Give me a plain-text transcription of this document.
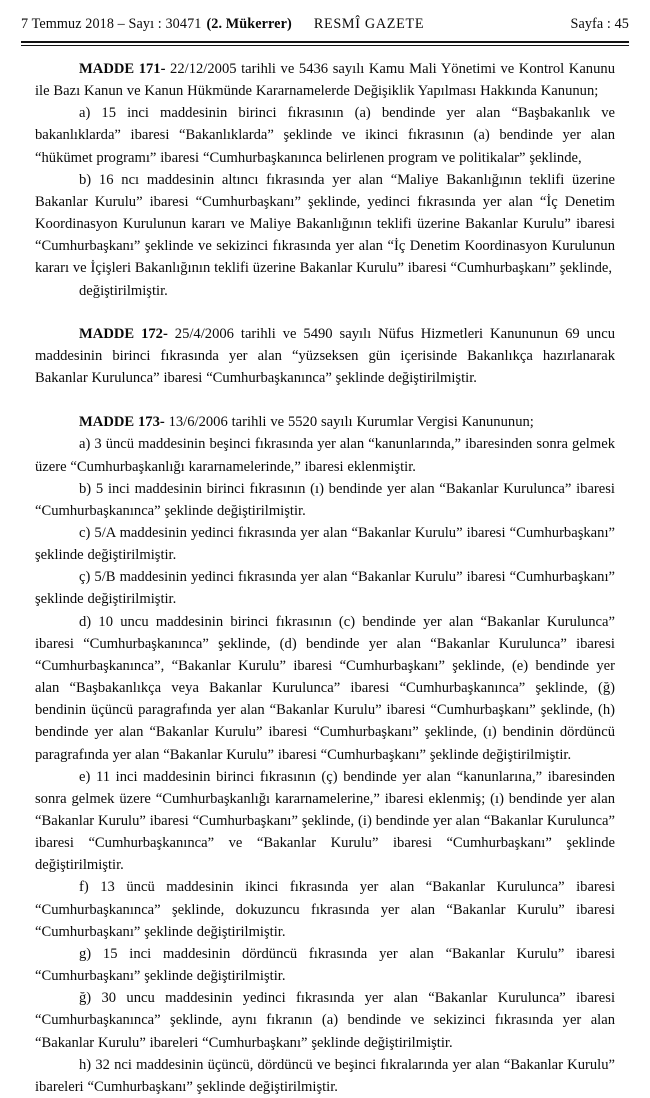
7 Temmuz 2018 – Sayı : 30471 (2. Mükerrer) RESMÎ GAZETE	Sayfa : 45

MADDE 171- 22/12/2005 tarihli ve 5436 sayılı Kamu Mali Yönetimi ve Kontrol Kanunu ile Bazı Kanun ve Kanun Hükmünde Kararnamelerde Değişiklik Yapılması Hakkında Kanunun;

a) 15 inci maddesinin birinci fıkrasının (a) bendinde yer alan “Başbakanlık ve bakanlıklarda” ibaresi “Bakanlıklarda” şeklinde ve ikinci fıkrasının (a) bendinde yer alan “hükümet programı” ibaresi “Cumhurbaşkanınca belirlenen program ve politikalar” şeklinde,

b) 16 ncı maddesinin altıncı fıkrasında yer alan “Maliye Bakanlığının teklifi üzerine Bakanlar Kurulu” ibaresi “Cumhurbaşkanı” şeklinde, yedinci fıkrasında yer alan “İç Denetim Koordinasyon Kurulunun kararı ve Maliye Bakanlığının teklifi üzerine Bakanlar Kurulu” ibaresi “Cumhurbaşkanı” şeklinde ve sekizinci fıkrasında yer alan “İç Denetim Koordinasyon Kurulunun kararı ve İçişleri Bakanlığının teklifi üzerine Bakanlar Kurulu” ibaresi “Cumhurbaşkanı” şeklinde,

değiştirilmiştir.

MADDE 172- 25/4/2006 tarihli ve 5490 sayılı Nüfus Hizmetleri Kanununun 69 uncu maddesinin birinci fıkrasında yer alan “yüzseksen gün içerisinde Bakanlıkça hazırlanarak Bakanlar Kurulunca” ibaresi “Cumhurbaşkanınca” şeklinde değiştirilmiştir.

MADDE 173- 13/6/2006 tarihli ve 5520 sayılı Kurumlar Vergisi Kanununun;

a) 3 üncü maddesinin beşinci fıkrasında yer alan “kanunlarında,” ibaresinden sonra gelmek üzere “Cumhurbaşkanlığı kararnamelerinde,” ibaresi eklenmiştir.

b) 5 inci maddesinin birinci fıkrasının (ı) bendinde yer alan “Bakanlar Kurulunca” ibaresi “Cumhurbaşkanınca” şeklinde değiştirilmiştir.

c) 5/A maddesinin yedinci fıkrasında yer alan “Bakanlar Kurulu” ibaresi “Cumhurbaşkanı” şeklinde değiştirilmiştir.

ç) 5/B maddesinin yedinci fıkrasında yer alan “Bakanlar Kurulu” ibaresi “Cumhurbaşkanı” şeklinde değiştirilmiştir.

d) 10 uncu maddesinin birinci fıkrasının (c) bendinde yer alan “Bakanlar Kurulunca” ibaresi “Cumhurbaşkanınca” şeklinde, (d) bendinde yer alan “Bakanlar Kurulunca” ibaresi “Cumhurbaşkanınca”, “Bakanlar Kurulu” ibaresi “Cumhurbaşkanı” şeklinde, (e) bendinde yer alan “Başbakanlıkça veya Bakanlar Kurulunca” ibaresi “Cumhurbaşkanınca” şeklinde, (ğ) bendinin üçüncü paragrafında yer alan “Bakanlar Kurulu” ibaresi “Cumhurbaşkanı” şeklinde, (h) bendinde yer alan “Bakanlar Kurulu” ibaresi “Cumhurbaşkanı” şeklinde, (ı) bendinin dördüncü paragrafında yer alan “Bakanlar Kurulu” ibaresi “Cumhurbaşkanı” şeklinde değiştirilmiştir.

e) 11 inci maddesinin birinci fıkrasının (ç) bendinde yer alan “kanunlarına,” ibaresinden sonra gelmek üzere “Cumhurbaşkanlığı kararnamelerine,” ibaresi eklenmiş; (ı) bendinde yer alan “Bakanlar Kurulu” ibaresi “Cumhurbaşkanı” şeklinde, (i) bendinde yer alan “Bakanlar Kurulunca” ibaresi “Cumhurbaşkanınca” ve “Bakanlar Kurulu” ibaresi “Cumhurbaşkanı” şeklinde değiştirilmiştir.

f) 13 üncü maddesinin ikinci fıkrasında yer alan “Bakanlar Kurulunca” ibaresi “Cumhurbaşkanınca” şeklinde, dokuzuncu fıkrasında yer alan “Bakanlar Kurulu” ibaresi “Cumhurbaşkanı” şeklinde değiştirilmiştir.

g) 15 inci maddesinin dördüncü fıkrasında yer alan “Bakanlar Kurulu” ibaresi “Cumhurbaşkanı” şeklinde değiştirilmiştir.

ğ) 30 uncu maddesinin yedinci fıkrasında yer alan “Bakanlar Kurulunca” ibaresi “Cumhurbaşkanınca” şeklinde, aynı fıkranın (a) bendinde ve sekizinci fıkrasında yer alan “Bakanlar Kurulu” ibareleri “Cumhurbaşkanı” şeklinde değiştirilmiştir.

h) 32 nci maddesinin üçüncü, dördüncü ve beşinci fıkralarında yer alan “Bakanlar Kurulu” ibareleri “Cumhurbaşkanı” şeklinde değiştirilmiştir.
